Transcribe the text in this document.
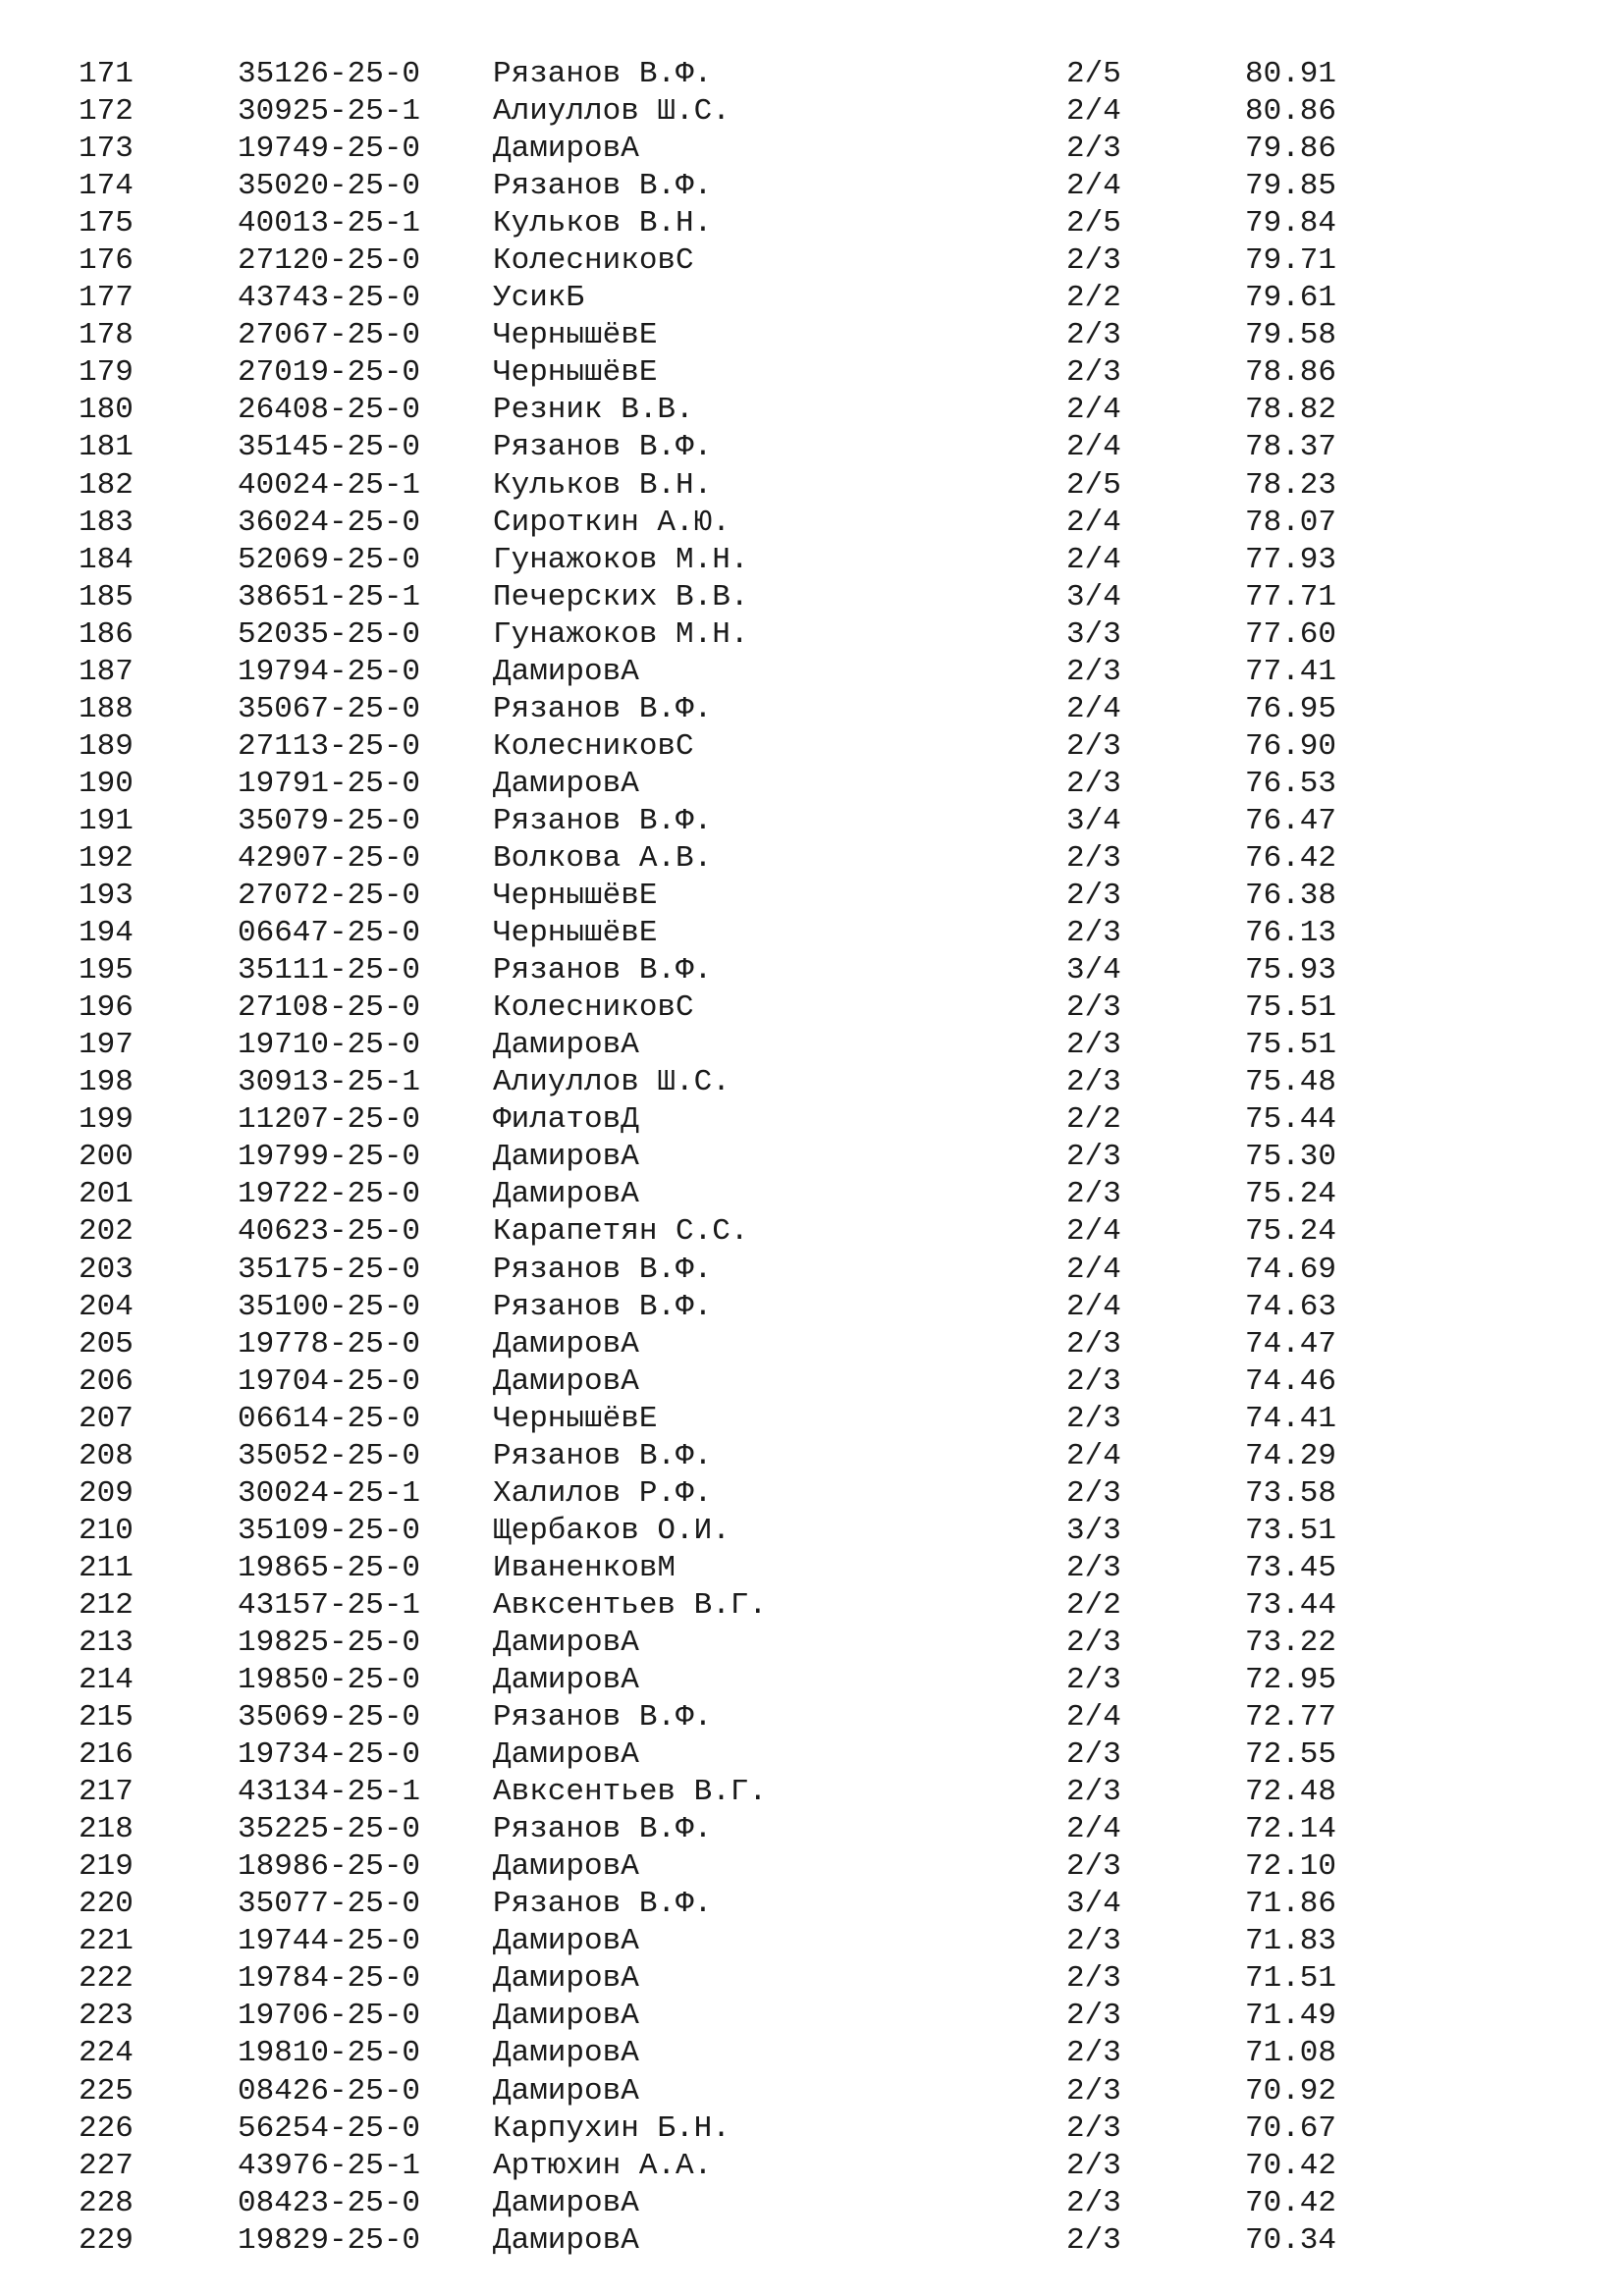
171	35126-25-0 Рязанов В.Ф.	2/5	80.91
172	30925-25-1 Алиуллов Ш.С.	2/4	80.86
173	19749-25-0 ДамировА	2/3	79.86
174	35020-25-0 Рязанов В.Ф.	2/4	79.85
175	40013-25-1 Кульков В.Н.	2/5	79.84
176	27120-25-0 КолесниковС	2/3	79.71
177	43743-25-0 УсикБ	2/2	79.61
178	27067-25-0 ЧернышёвЕ	2/3	79.58
179	27019-25-0 ЧернышёвЕ	2/3	78.86
180	26408-25-0 Резник В.В.	2/4	78.82
181	35145-25-0 Рязанов В.Ф.	2/4	78.37
182	40024-25-1 Кульков В.Н.	2/5	78.23
183	36024-25-0 Сироткин А.Ю.	2/4	78.07
184	52069-25-0 Гунажоков М.Н.	2/4	77.93
185	38651-25-1 Печерских В.В.	3/4	77.71
186	52035-25-0 Гунажоков М.Н.	3/3	77.60
187	19794-25-0 ДамировА	2/3	77.41
188	35067-25-0 Рязанов В.Ф.	2/4	76.95
189	27113-25-0 КолесниковС	2/3	76.90
190	19791-25-0 ДамировА	2/3	76.53
191	35079-25-0 Рязанов В.Ф.	3/4	76.47
192	42907-25-0 Волкова А.В.	2/3	76.42
193	27072-25-0 ЧернышёвЕ	2/3	76.38
194	06647-25-0 ЧернышёвЕ	2/3	76.13
195	35111-25-0 Рязанов В.Ф.	3/4	75.93
196	27108-25-0 КолесниковС	2/3	75.51
197	19710-25-0 ДамировА	2/3	75.51
198	30913-25-1 Алиуллов Ш.С.	2/3	75.48
199	11207-25-0 ФилатовД	2/2	75.44
200	19799-25-0 ДамировА	2/3	75.30
201	19722-25-0 ДамировА	2/3	75.24
202	40623-25-0 Карапетян С.С.	2/4	75.24
203	35175-25-0 Рязанов В.Ф.	2/4	74.69
204	35100-25-0 Рязанов В.Ф.	2/4	74.63
205	19778-25-0 ДамировА	2/3	74.47
206	19704-25-0 ДамировА	2/3	74.46
207	06614-25-0 ЧернышёвЕ	2/3	74.41
208	35052-25-0 Рязанов В.Ф.	2/4	74.29
209	30024-25-1 Халилов Р.Ф.	2/3	73.58
210	35109-25-0 Щербаков О.И.	3/3	73.51
211	19865-25-0 ИваненковМ	2/3	73.45
212	43157-25-1 Авксентьев В.Г.	2/2	73.44
213	19825-25-0 ДамировА	2/3	73.22
214	19850-25-0 ДамировА	2/3	72.95
215	35069-25-0 Рязанов В.Ф.	2/4	72.77
216	19734-25-0 ДамировА	2/3	72.55
217	43134-25-1 Авксентьев В.Г.	2/3	72.48
218	35225-25-0 Рязанов В.Ф.	2/4	72.14
219	18986-25-0 ДамировА	2/3	72.10
220	35077-25-0 Рязанов В.Ф.	3/4	71.86
221	19744-25-0 ДамировА	2/3	71.83
222	19784-25-0 ДамировА	2/3	71.51
223	19706-25-0 ДамировА	2/3	71.49
224	19810-25-0 ДамировА	2/3	71.08
225	08426-25-0 ДамировА	2/3	70.92
226	56254-25-0 Карпухин Б.Н.	2/3	70.67
227	43976-25-1 Артюхин А.А.	2/3	70.42
228	08423-25-0 ДамировА	2/3	70.42
229	19829-25-0 ДамировА	2/3	70.34
